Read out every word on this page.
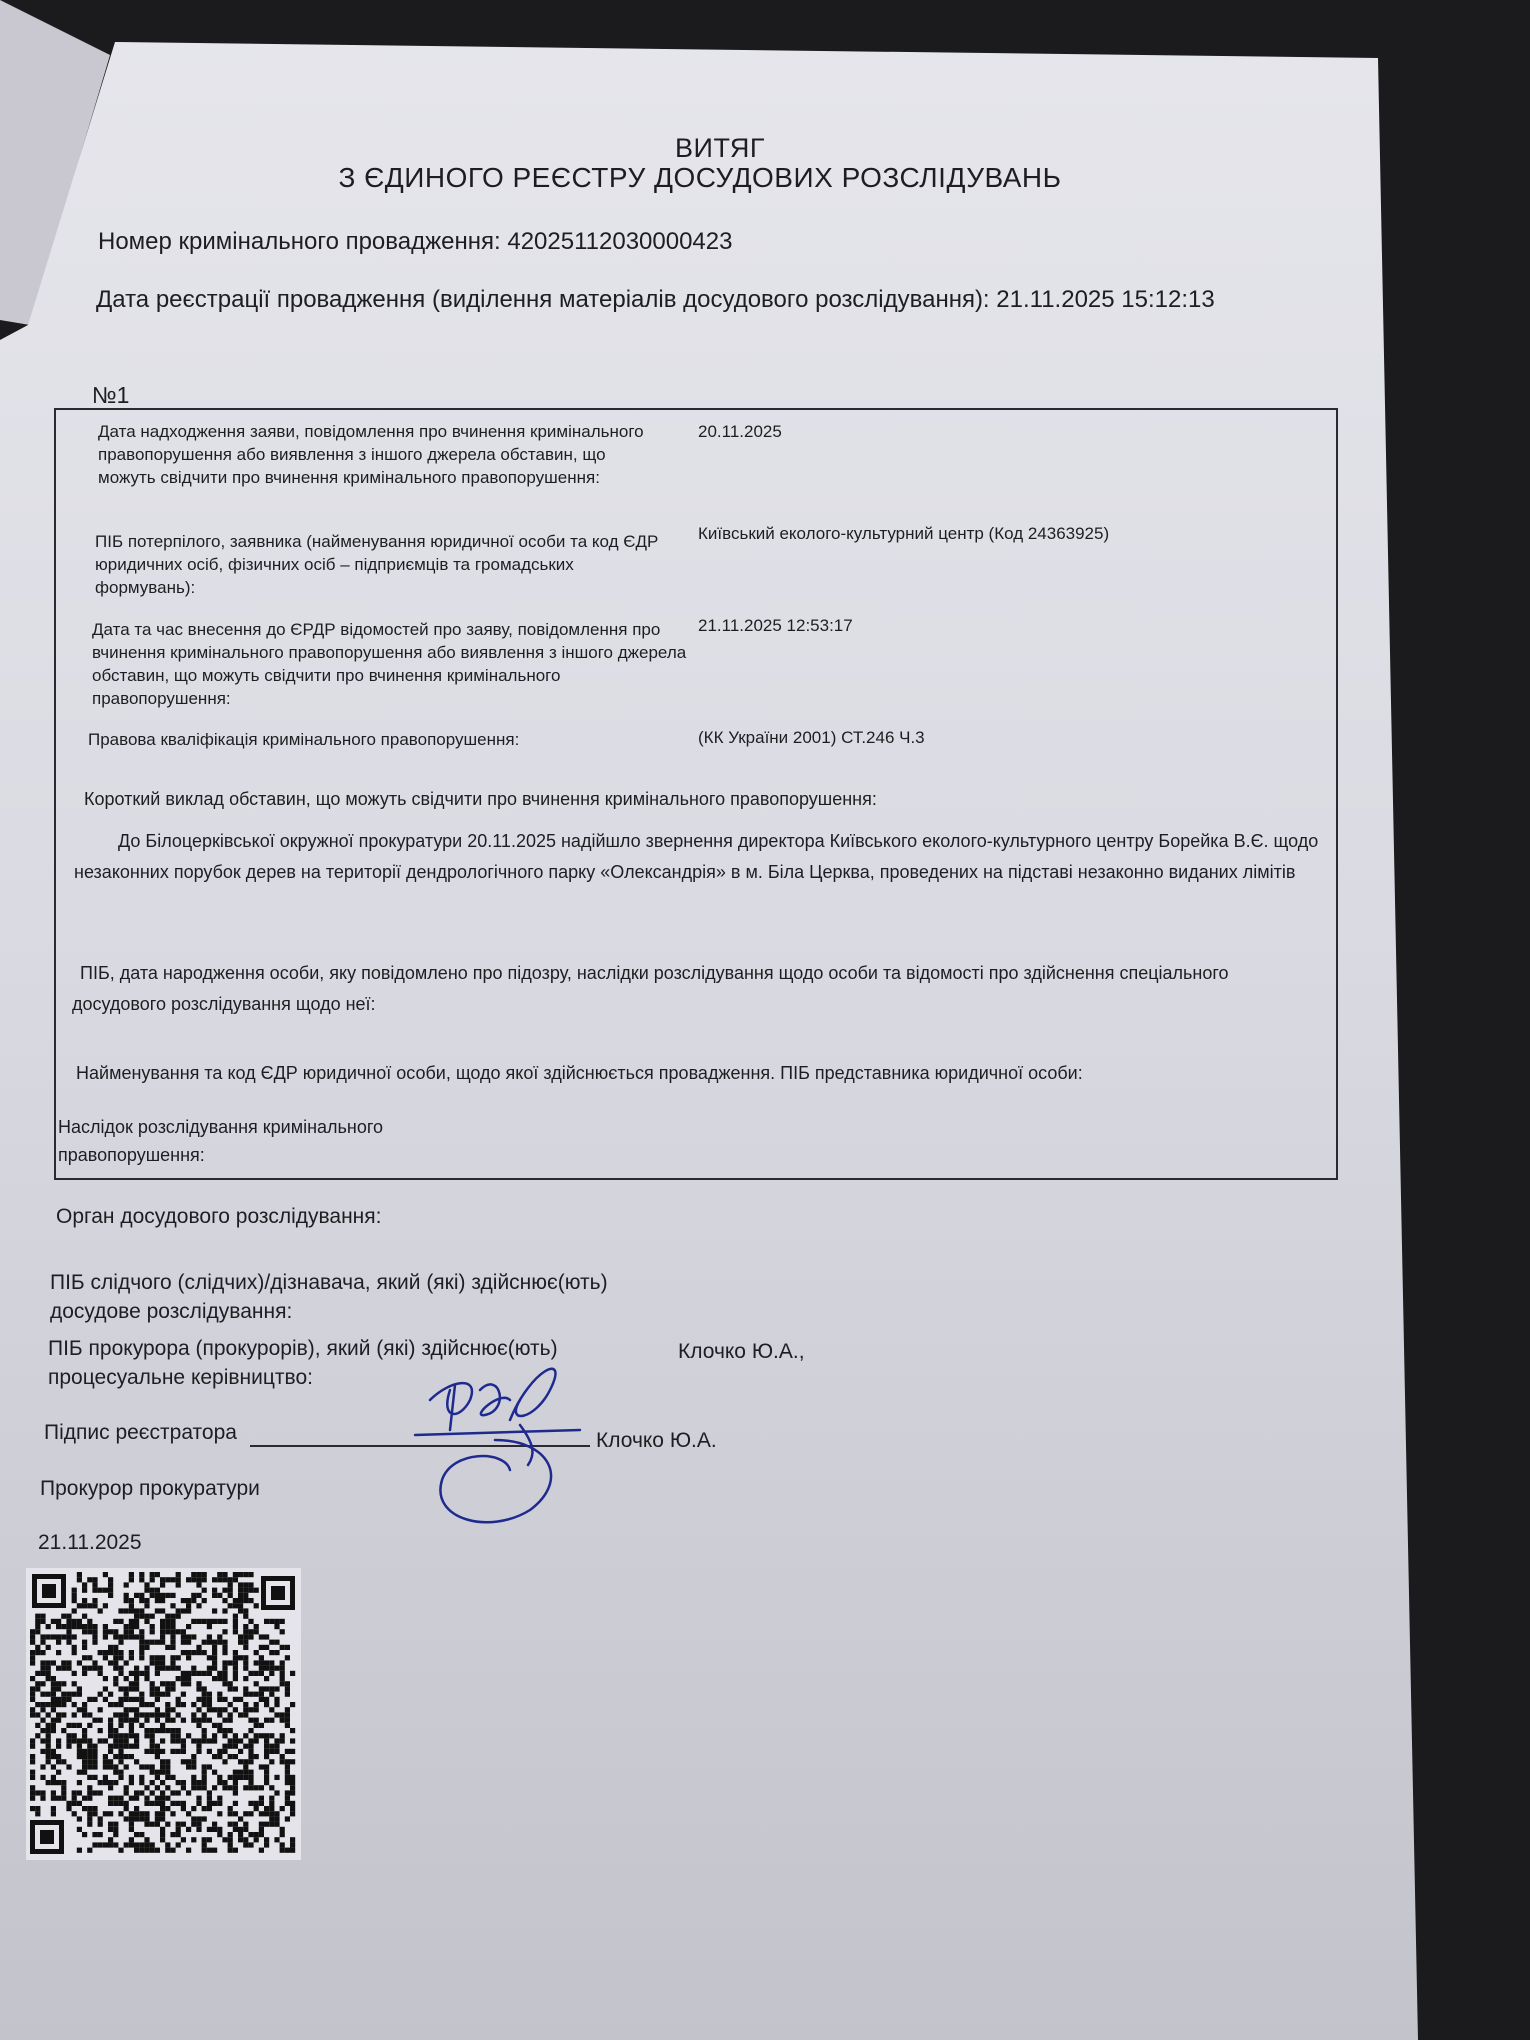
ВИТЯГ
З ЄДИНОГО РЕЄСТРУ ДОСУДОВИХ РОЗСЛІДУВАНЬ
Номер кримінального провадження: 42025112030000423
Дата реєстрації провадження (виділення матеріалів досудового розслідування): 21.11.2025 15:12:13
№1
Дата надходження заяви, повідомлення про вчинення кримінального правопорушення або виявлення з іншого джерела обставин, що можуть свідчити про вчинення кримінального правопорушення:
20.11.2025
ПІБ потерпілого, заявника (найменування юридичної особи та код ЄДР юридичних осіб, фізичних осіб – підприємців та громадських формувань):
Київський еколого-культурний центр (Код 24363925)
Дата та час внесення до ЄРДР відомостей про заяву, повідомлення про вчинення кримінального правопорушення або виявлення з іншого джерела обставин, що можуть свідчити про вчинення кримінального правопорушення:
21.11.2025 12:53:17
Правова кваліфікація кримінального правопорушення:	(КК України 2001) СТ.246 Ч.3
Короткий виклад обставин, що можуть свідчити про вчинення кримінального правопорушення:
До Білоцерківської окружної прокуратури 20.11.2025 надійшло звернення директора Київського еколого-культурного центру Борейка В.Є. щодо незаконних порубок дерев на території дендрологічного парку «Олександрія» в м. Біла Церква, проведених на підставі незаконно виданих лімітів
ПІБ, дата народження особи, яку повідомлено про підозру, наслідки розслідування щодо особи та відомості про здійснення спеціального досудового розслідування щодо неї:
Найменування та код ЄДР юридичної особи, щодо якої здійснюється провадження. ПІБ представника юридичної особи:
Наслідок розслідування кримінального правопорушення:
Орган досудового розслідування:
ПІБ слідчого (слідчих)/дізнавача, який (які) здійснює(ють) досудове розслідування:
ПІБ прокурора (прокурорів), який (які) здійснює(ють) процесуальне керівництво:
Клочко Ю.А.,
Підпис реєстратора	Клочко Ю.А.
Прокурор прокуратури
21.11.2025
